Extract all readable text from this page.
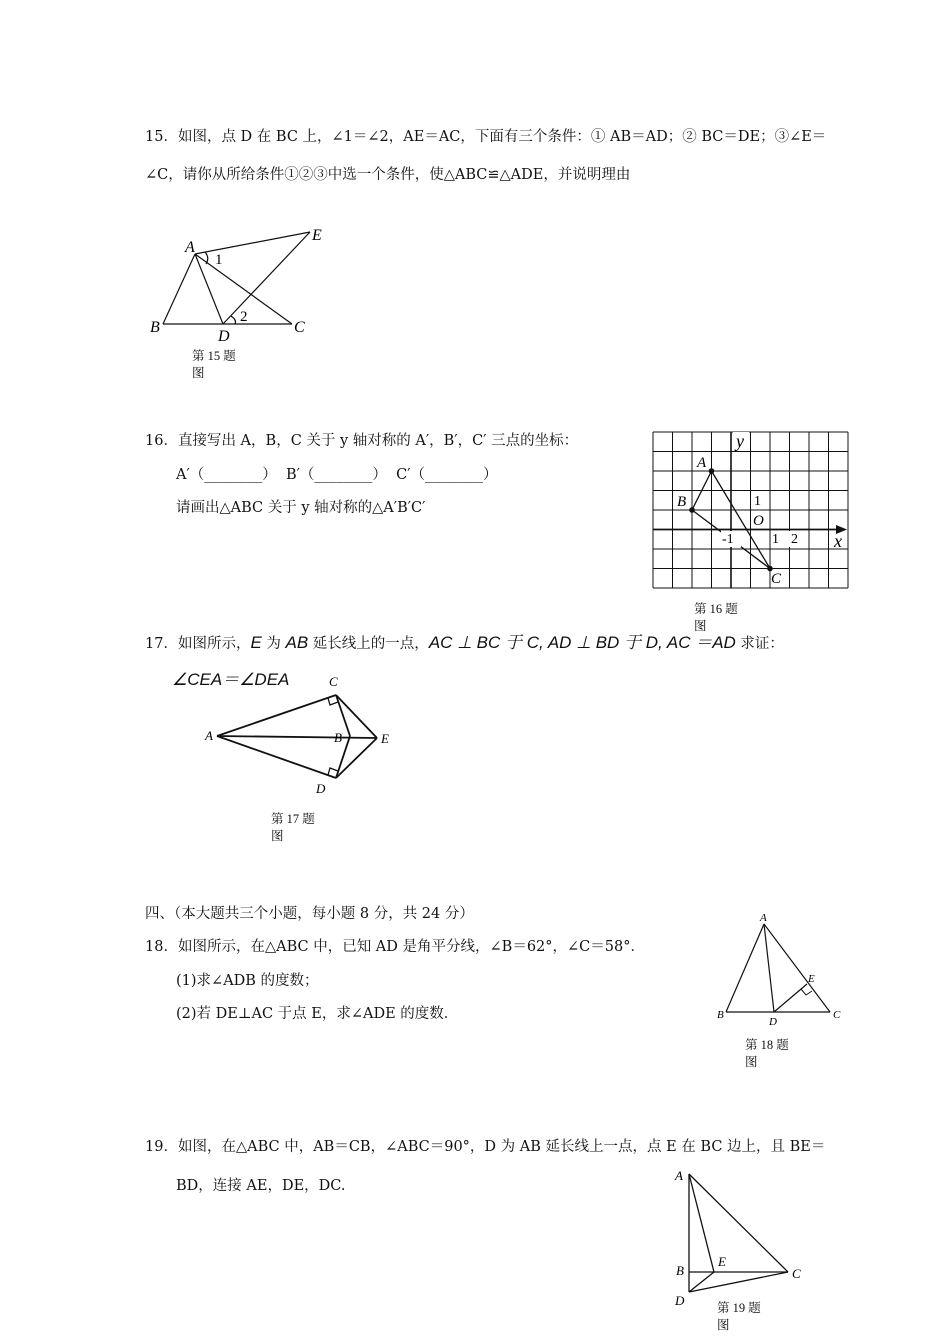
15．如图，点 D 在 BC 上，∠1＝∠2，AE＝AC，下面有三个条件：① AB＝AD；② BC＝DE；③∠E＝
∠C，请你从所给条件①②③中选一个条件，使△ABC≌△ADE，并说明理由
A
B	C
D
E
1
2
第 15 题
图
16．直接写出 A，B，C 关于 y 轴对称的 A′，B′，C′ 三点的坐标：
A′（________） B′（________） C′（________）
请画出△ABC 关于 y 轴对称的△A′B′C′
y
x
A
B
C
O
1
-1	1 2
第 16 题
图
17．如图所示，E 为 AB 延长线上的一点，AC ⊥ BC 于 C, AD ⊥ BD 于 D, AC ＝AD 求证：
∠CEA＝∠DEA
A
C
B	E
D
第 17 题
图
四、（本大题共三个小题，每小题 8 分，共 24 分）
18．如图所示，在△ABC 中，已知 AD 是角平分线，∠B＝62°，∠C＝58°．
(1)求∠ADB 的度数；
(2)若 DE⊥AC 于点 E，求∠ADE 的度数．
A
B	C
D
E
第 18 题
图
19．如图，在△ABC 中，AB＝CB，∠ABC＝90°，D 为 AB 延长线上一点，点 E 在 BC 边上，且 BE＝
BD，连接 AE，DE，DC.
A
B
E
C
D	第 19 题
图
